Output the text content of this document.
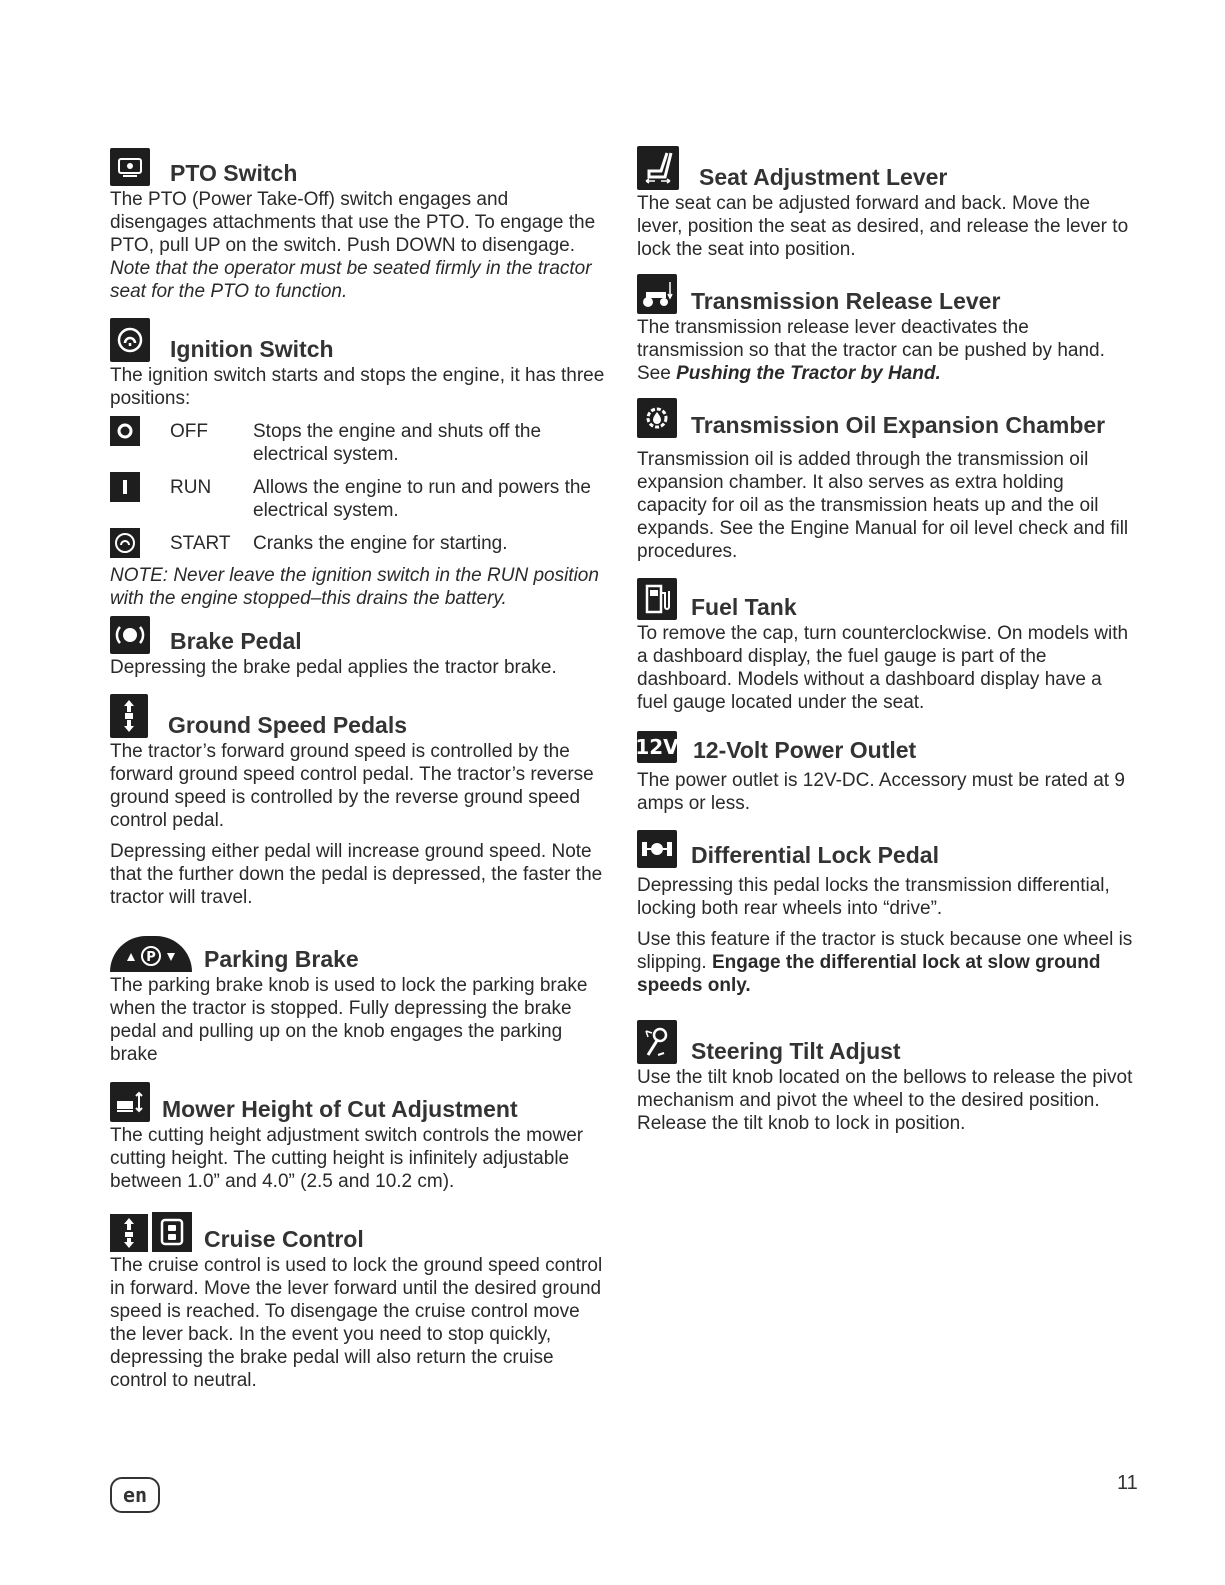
PTO Switch

The PTO (Power Take-Off) switch engages and disengages attachments that use the PTO. To engage the PTO, pull UP on the switch. Push DOWN to disengage.

Note that the operator must be seated firmly in the tractor seat for the PTO to function.

Ignition Switch

The ignition switch starts and stops the engine, it has three positions:

OFF	Stops the engine and shuts off the electrical system.
RUN	Allows the engine to run and powers the electrical system.
START	Cranks the engine for starting.

NOTE: Never leave the ignition switch in the RUN position with the engine stopped–this drains the battery.

Brake Pedal

Depressing the brake pedal applies the tractor brake.

Ground Speed Pedals

The tractor’s forward ground speed is controlled by the forward ground speed control pedal. The tractor’s reverse ground speed is controlled by the reverse ground speed control pedal.

Depressing either pedal will increase ground speed. Note that the further down the pedal is depressed, the faster the tractor will travel.

P Parking Brake

The parking brake knob is used to lock the parking brake when the tractor is stopped. Fully depressing the brake pedal and pulling up on the knob engages the parking brake

Mower Height of Cut Adjustment

The cutting height adjustment switch controls the mower cutting height. The cutting height is infinitely adjustable between 1.0” and 4.0” (2.5 and 10.2 cm).

Cruise Control

The cruise control is used to lock the ground speed control in forward. Move the lever forward until the desired ground speed is reached. To disengage the cruise control move the lever back. In the event you need to stop quickly, depressing the brake pedal will also return the cruise control to neutral.

Seat Adjustment Lever

The seat can be adjusted forward and back. Move the lever, position the seat as desired, and release the lever to lock the seat into position.

Transmission Release Lever

The transmission release lever deactivates the transmission so that the tractor can be pushed by hand. See Pushing the Tractor by Hand.

Transmission Oil Expansion Chamber

Transmission oil is added through the transmission oil expansion chamber. It also serves as extra holding capacity for oil as the transmission heats up and the oil expands. See the Engine Manual for oil level check and fill procedures.

Fuel Tank

To remove the cap, turn counterclockwise. On models with a dashboard display, the fuel gauge is part of the dashboard. Models without a dashboard display have a fuel gauge located under the seat.

12V 12-Volt Power Outlet

The power outlet is 12V-DC. Accessory must be rated at 9 amps or less.

Differential Lock Pedal

Depressing this pedal locks the transmission differential, locking both rear wheels into “drive”.

Use this feature if the tractor is stuck because one wheel is slipping. Engage the differential lock at slow ground speeds only.

Steering Tilt Adjust

Use the tilt knob located on the bellows to release the pivot mechanism and pivot the wheel to the desired position. Release the tilt knob to lock in position.

en	11
